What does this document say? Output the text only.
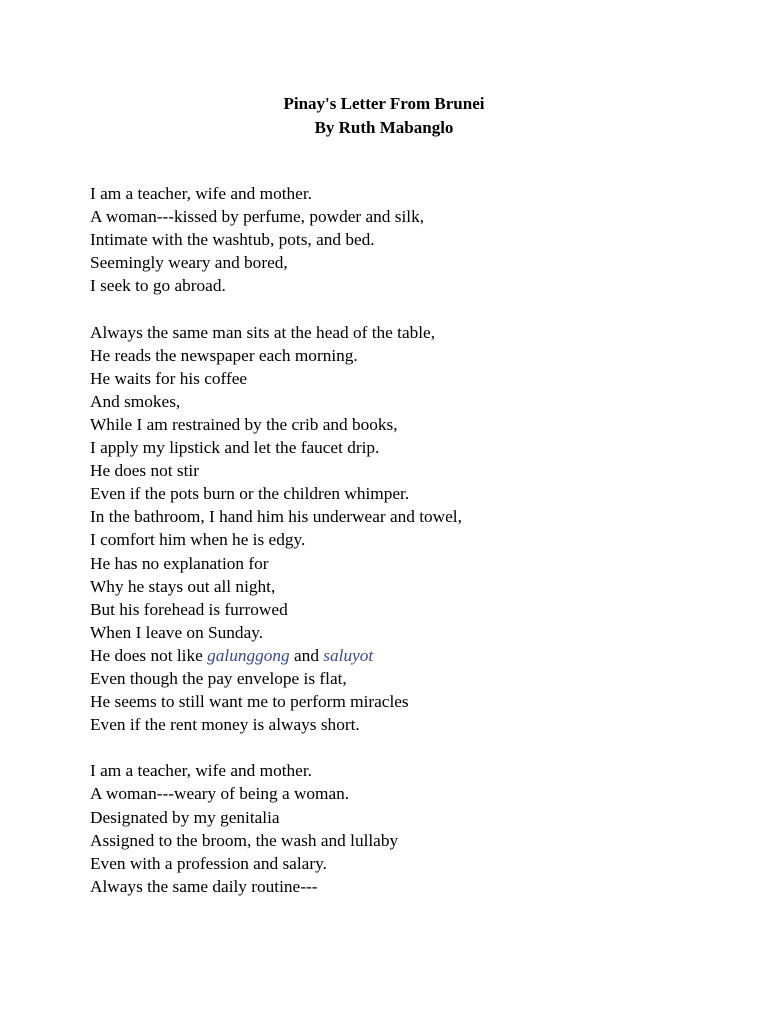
Pinay's Letter From Brunei
By Ruth Mabanglo
I am a teacher, wife and mother.
A woman---kissed by perfume, powder and silk,
Intimate with the washtub, pots, and bed.
Seemingly weary and bored,
I seek to go abroad.
Always the same man sits at the head of the table,
He reads the newspaper each morning.
He waits for his coffee
And smokes,
While I am restrained by the crib and books,
I apply my lipstick and let the faucet drip.
He does not stir
Even if the pots burn or the children whimper.
In the bathroom, I hand him his underwear and towel,
I comfort him when he is edgy.
He has no explanation for
Why he stays out all night,
But his forehead is furrowed
When I leave on Sunday.
He does not like galunggong and saluyot
Even though the pay envelope is flat,
He seems to still want me to perform miracles
Even if the rent money is always short.
I am a teacher, wife and mother.
A woman---weary of being a woman.
Designated by my genitalia
Assigned to the broom, the wash and lullaby
Even with a profession and salary.
Always the same daily routine---
